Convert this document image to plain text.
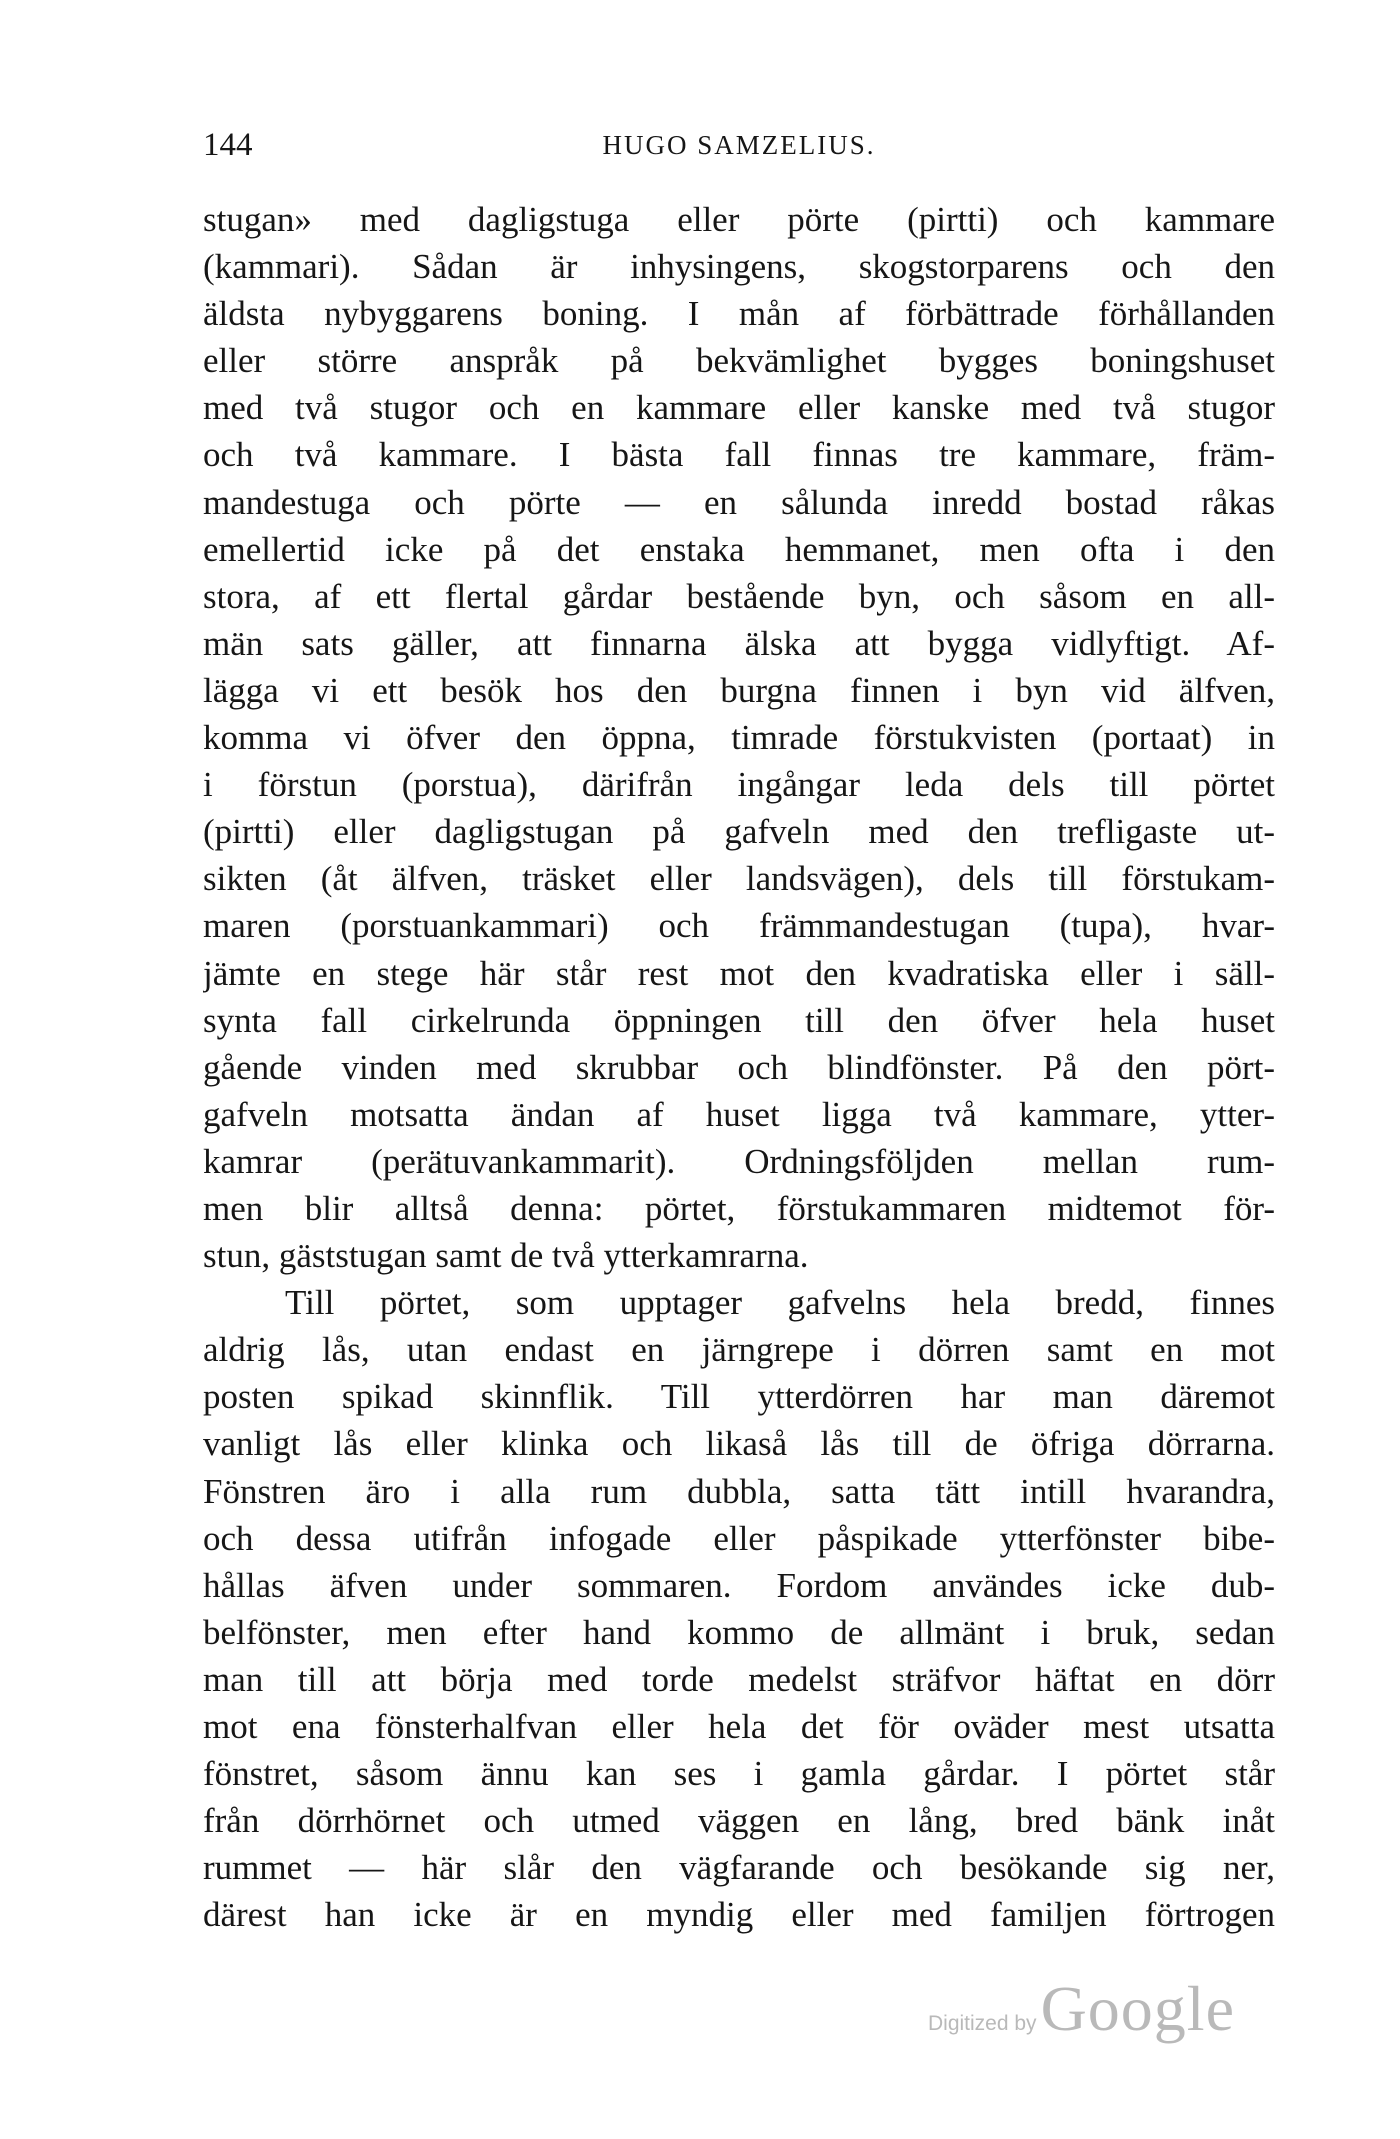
144	HUGO SAMZELIUS.
stugan» med dagligstuga eller pörte (pirtti) och kammare
(kammari). Sådan är inhysingens, skogstorparens och den
äldsta nybyggarens boning. I mån af förbättrade förhållanden
eller större anspråk på bekvämlighet bygges boningshuset
med två stugor och en kammare eller kanske med två stugor
och två kammare. I bästa fall finnas tre kammare, främ-
mandestuga och pörte — en sålunda inredd bostad råkas
emellertid icke på det enstaka hemmanet, men ofta i den
stora, af ett flertal gårdar bestående byn, och såsom en all-
män sats gäller, att finnarna älska att bygga vidlyftigt. Af-
lägga vi ett besök hos den burgna finnen i byn vid älfven,
komma vi öfver den öppna, timrade förstukvisten (portaat) in
i förstun (porstua), därifrån ingångar leda dels till pörtet
(pirtti) eller dagligstugan på gafveln med den trefligaste ut-
sikten (åt älfven, träsket eller landsvägen), dels till förstukam-
maren (porstuankammari) och främmandestugan (tupa), hvar-
jämte en stege här står rest mot den kvadratiska eller i säll-
synta fall cirkelrunda öppningen till den öfver hela huset
gående vinden med skrubbar och blindfönster. På den pört-
gafveln motsatta ändan af huset ligga två kammare, ytter-
kamrar (perätuvankammarit). Ordningsföljden mellan rum-
men blir alltså denna: pörtet, förstukammaren midtemot för-
stun, gäststugan samt de två ytterkamrarna.
Till pörtet, som upptager gafvelns hela bredd, finnes
aldrig lås, utan endast en järngrepe i dörren samt en mot
posten spikad skinnflik. Till ytterdörren har man däremot
vanligt lås eller klinka och likaså lås till de öfriga dörrarna.
Fönstren äro i alla rum dubbla, satta tätt intill hvarandra,
och dessa utifrån infogade eller påspikade ytterfönster bibe-
hållas äfven under sommaren. Fordom användes icke dub-
belfönster, men efter hand kommo de allmänt i bruk, sedan
man till att börja med torde medelst sträfvor häftat en dörr
mot ena fönsterhalfvan eller hela det för oväder mest utsatta
fönstret, såsom ännu kan ses i gamla gårdar. I pörtet står
från dörrhörnet och utmed väggen en lång, bred bänk inåt
rummet — här slår den vägfarande och besökande sig ner,
därest han icke är en myndig eller med familjen förtrogen
Digitized by Google
